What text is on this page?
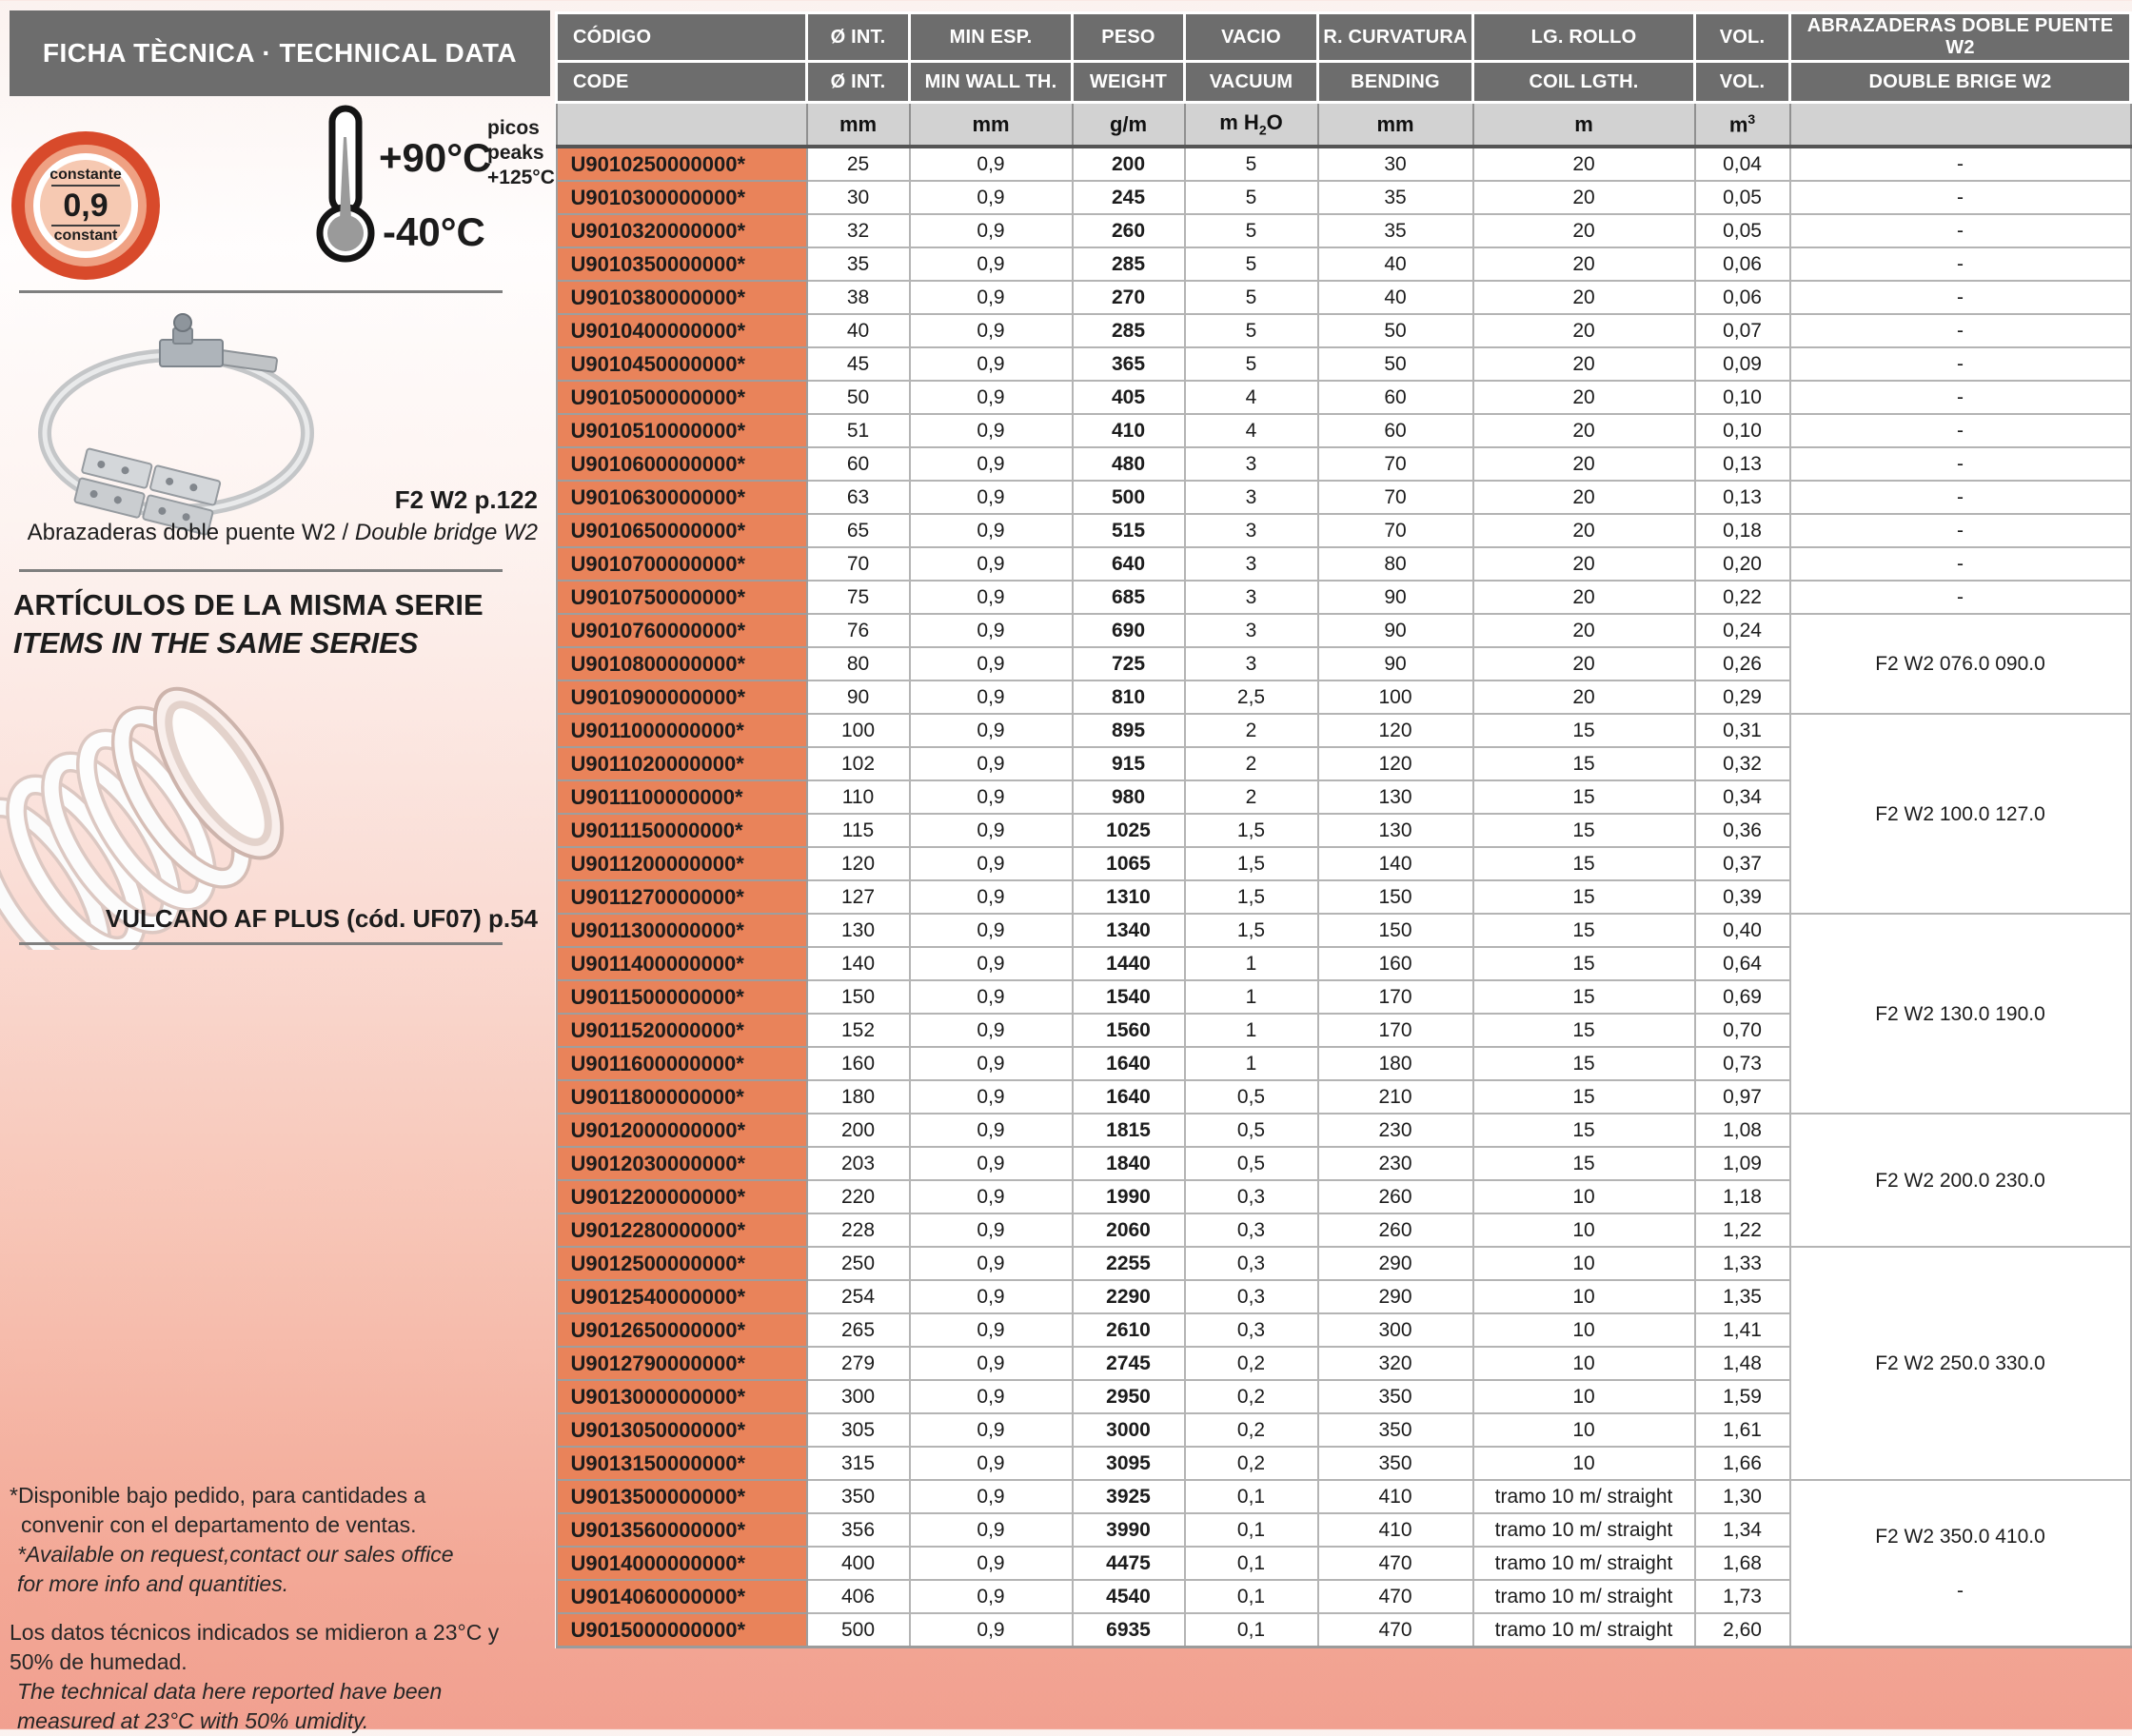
FICHA TÈCNICA · TECHNICAL DATA
constante
0,9
constant
+90°C
picos
peaks
+125°C
-40°C
F2 W2 p.122
Abrazaderas doble puente W2 / Double bridge W2
ARTÍCULOS DE LA MISMA SERIE
ITEMS IN THE SAME SERIES
VULCANO AF PLUS (cód. UF07) p.54
*Disponible bajo pedido, para cantidades a
convenir con el departamento de ventas.
*Available on request,contact our sales office
for more info and quantities.
Los datos técnicos indicados se midieron a 23°C y
50% de humedad.
The technical data here reported have been
measured at 23°C with 50% umidity.
CÓDIGO	Ø INT.	MIN ESP.	PESO	VACIO	R. CURVATURA	LG. ROLLO	VOL.	ABRAZADERAS DOBLE PUENTE W2
CODE	Ø INT.	MIN WALL TH.	WEIGHT	VACUUM	BENDING	COIL LGTH.	VOL.	DOUBLE BRIGE W2
	mm	mm	g/m	m $H_2O$	mm	m	$m^3$	
U9010250000000*	25	0,9	200	5	30	20	0,04	-

U9010300000000*	30	0,9	245	5	35	20	0,05	-

U9010320000000*	32	0,9	260	5	35	20	0,05	-

U9010350000000*	35	0,9	285	5	40	20	0,06	-

U9010380000000*	38	0,9	270	5	40	20	0,06	-

U9010400000000*	40	0,9	285	5	50	20	0,07	-

U9010450000000*	45	0,9	365	5	50	20	0,09	-

U9010500000000*	50	0,9	405	4	60	20	0,10	-

U9010510000000*	51	0,9	410	4	60	20	0,10	-

U9010600000000*	60	0,9	480	3	70	20	0,13	-

U9010630000000*	63	0,9	500	3	70	20	0,13	-

U9010650000000*	65	0,9	515	3	70	20	0,18	-

U9010700000000*	70	0,9	640	3	80	20	0,20	-

U9010750000000*	75	0,9	685	3	90	20	0,22	-

U9010760000000*	76	0,9	690	3	90	20	0,24	F2 W2 076.0 090.0

U9010800000000*	80	0,9	725	3	90	20	0,26	
U9010900000000*	90	0,9	810	2,5	100	20	0,29	
U9011000000000*	100	0,9	895	2	120	15	0,31	F2 W2 100.0 127.0

U9011020000000*	102	0,9	915	2	120	15	0,32	
U9011100000000*	110	0,9	980	2	130	15	0,34	
U9011150000000*	115	0,9	1025	1,5	130	15	0,36	
U9011200000000*	120	0,9	1065	1,5	140	15	0,37	
U9011270000000*	127	0,9	1310	1,5	150	15	0,39	
U9011300000000*	130	0,9	1340	1,5	150	15	0,40	F2 W2 130.0 190.0

U9011400000000*	140	0,9	1440	1	160	15	0,64	
U9011500000000*	150	0,9	1540	1	170	15	0,69	
U9011520000000*	152	0,9	1560	1	170	15	0,70	
U9011600000000*	160	0,9	1640	1	180	15	0,73	
U9011800000000*	180	0,9	1640	0,5	210	15	0,97	
U9012000000000*	200	0,9	1815	0,5	230	15	1,08	F2 W2 200.0 230.0

U9012030000000*	203	0,9	1840	0,5	230	15	1,09	
U9012200000000*	220	0,9	1990	0,3	260	10	1,18	
U9012280000000*	228	0,9	2060	0,3	260	10	1,22	
U9012500000000*	250	0,9	2255	0,3	290	10	1,33	F2 W2 250.0 330.0

U9012540000000*	254	0,9	2290	0,3	290	10	1,35	
U9012650000000*	265	0,9	2610	0,3	300	10	1,41	
U9012790000000*	279	0,9	2745	0,2	320	10	1,48	
U9013000000000*	300	0,9	2950	0,2	350	10	1,59	
U9013050000000*	305	0,9	3000	0,2	350	10	1,61	
U9013150000000*	315	0,9	3095	0,2	350	10	1,66	
U9013500000000*	350	0,9	3925	0,1	410	tramo 10 m/ straight	1,30	F2 W2 350.0 410.0
-

U9013560000000*	356	0,9	3990	0,1	410	tramo 10 m/ straight	1,34	
U9014000000000*	400	0,9	4475	0,1	470	tramo 10 m/ straight	1,68	
U9014060000000*	406	0,9	4540	0,1	470	tramo 10 m/ straight	1,73	
U9015000000000*	500	0,9	6935	0,1	470	tramo 10 m/ straight	2,60	
